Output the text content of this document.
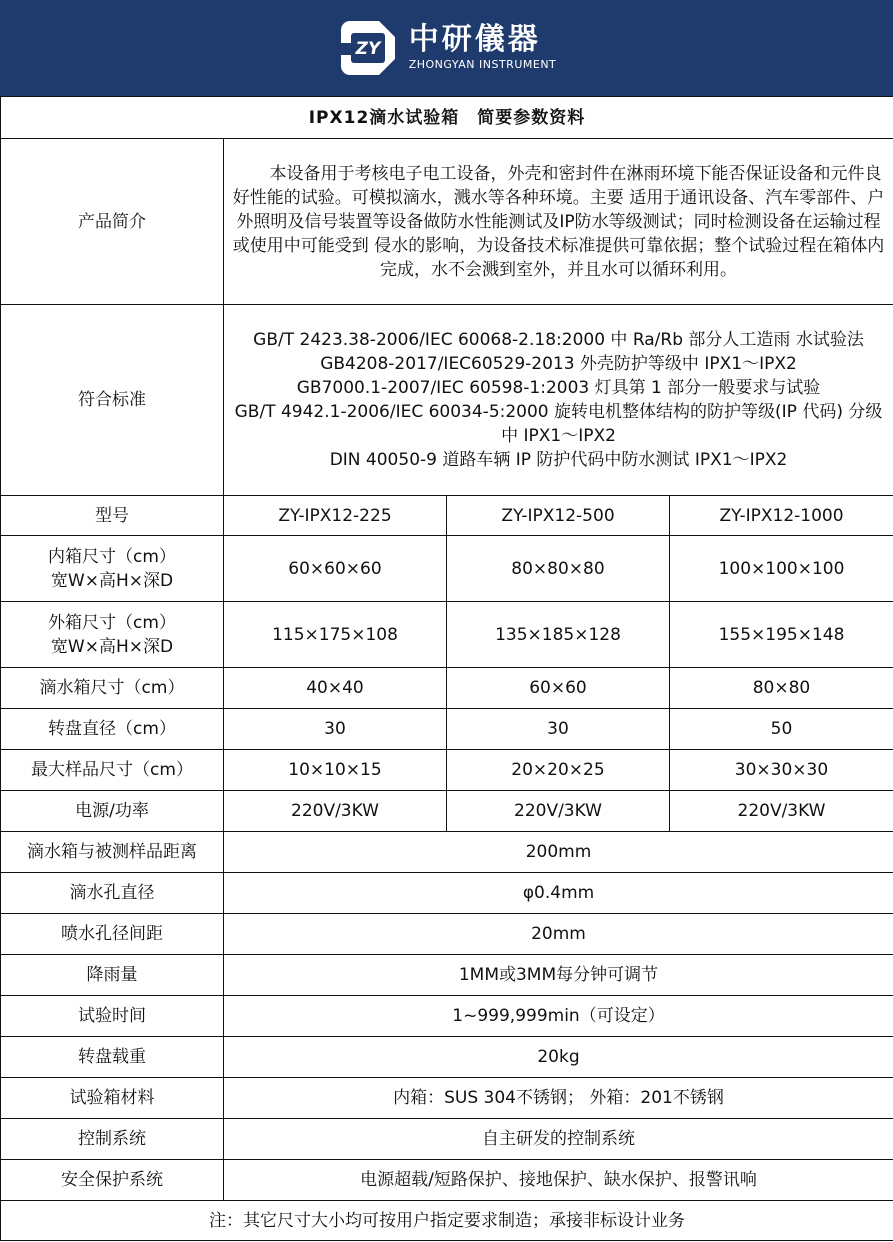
ZY 中研儀器
ZHONGYAN INSTRUMENT
IPX12滴水试验箱　简要参数资料			
产品简介	本设备用于考核电子电工设备，外壳和密封件在淋雨环境下能否保证设备和元件良好性能的试验。可模拟滴水，溅水等各种环境。主要 适用于通讯设备、汽车零部件、户外照明及信号装置等设备做防水性能测试及IP防水等级测试；同时检测设备在运输过程或使用中可能受到 侵水的影响，为设备技术标准提供可靠依据；整个试验过程在箱体内完成，水不会溅到室外，并且水可以循环利用。		

符合标准	GB/T 2423.38-2006/IEC 60068-2.18:2000 中 Ra/Rb 部分人工造雨 水试验法
GB4208-2017/IEC60529-2013 外壳防护等级中 IPX1～IPX2
GB7000.1-2007/IEC 60598-1:2003 灯具第 1 部分一般要求与试验
GB/T 4942.1-2006/IEC 60034-5:2000 旋转电机整体结构的防护等级(IP 代码) 分级中 IPX1～IPX2
DIN 40050-9 道路车辆 IP 防护代码中防水测试 IPX1～IPX2		

型号	ZY-IPX12-225	ZY-IPX12-500	ZY-IPX12-1000

内箱尺寸（cm）
宽W×高H×深D	60×60×60	80×80×80	100×100×100

外箱尺寸（cm）
宽W×高H×深D	115×175×108	135×185×128	155×195×148

滴水箱尺寸（cm）	40×40	60×60	80×80

转盘直径（cm）	30	30	50

最大样品尺寸（cm）	10×10×15	20×20×25	30×30×30

电源/功率	220V/3KW	220V/3KW	220V/3KW
滴水箱与被测样品距离	200mm		
滴水孔直径	φ0.4mm		
喷水孔径间距	20mm		
降雨量	1MM或3MM每分钟可调节		
试验时间	1~999,999min（可设定）		
转盘载重	20kg		
试验箱材料	内箱：SUS 304不锈钢； 外箱：201不锈钢		
控制系统	自主研发的控制系统		
安全保护系统	电源超载/短路保护、接地保护、缺水保护、报警讯响		
注：其它尺寸大小均可按用户指定要求制造；承接非标设计业务			
